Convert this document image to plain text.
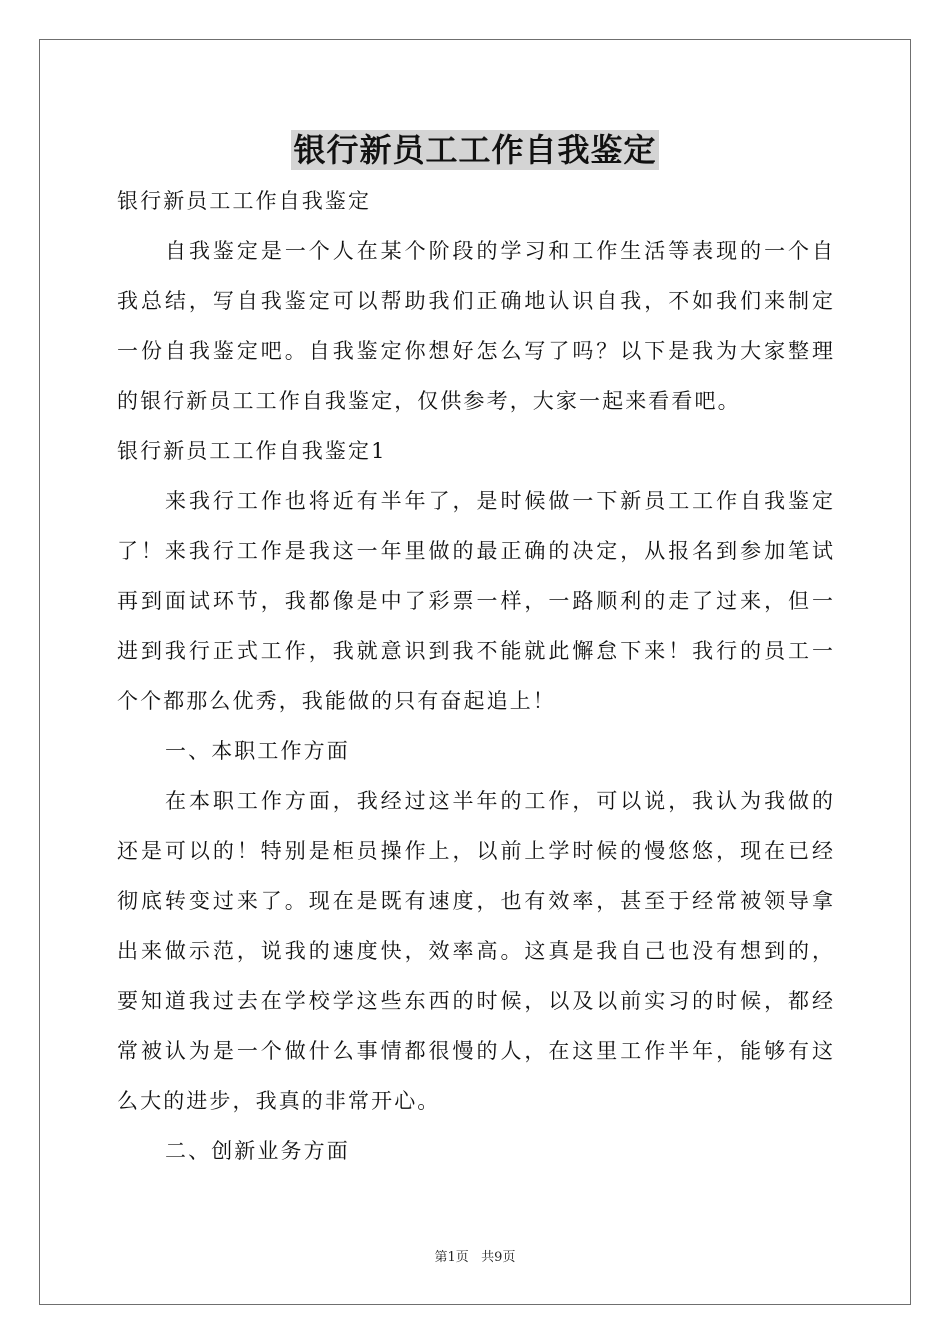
银行新员工工作自我鉴定
银行新员工工作自我鉴定
自我鉴定是一个人在某个阶段的学习和工作生活等表现的一个自
我总结，写自我鉴定可以帮助我们正确地认识自我，不如我们来制定
一份自我鉴定吧。自我鉴定你想好怎么写了吗？以下是我为大家整理
的银行新员工工作自我鉴定，仅供参考，大家一起来看看吧。
银行新员工工作自我鉴定1
来我行工作也将近有半年了，是时候做一下新员工工作自我鉴定
了！来我行工作是我这一年里做的最正确的决定，从报名到参加笔试
再到面试环节，我都像是中了彩票一样，一路顺利的走了过来，但一
进到我行正式工作，我就意识到我不能就此懈怠下来！我行的员工一
个个都那么优秀，我能做的只有奋起追上！
一、本职工作方面
在本职工作方面，我经过这半年的工作，可以说，我认为我做的
还是可以的！特别是柜员操作上，以前上学时候的慢悠悠，现在已经
彻底转变过来了。现在是既有速度，也有效率，甚至于经常被领导拿
出来做示范，说我的速度快，效率高。这真是我自己也没有想到的，
要知道我过去在学校学这些东西的时候，以及以前实习的时候，都经
常被认为是一个做什么事情都很慢的人，在这里工作半年，能够有这
么大的进步，我真的非常开心。
二、创新业务方面
第1页   共9页
